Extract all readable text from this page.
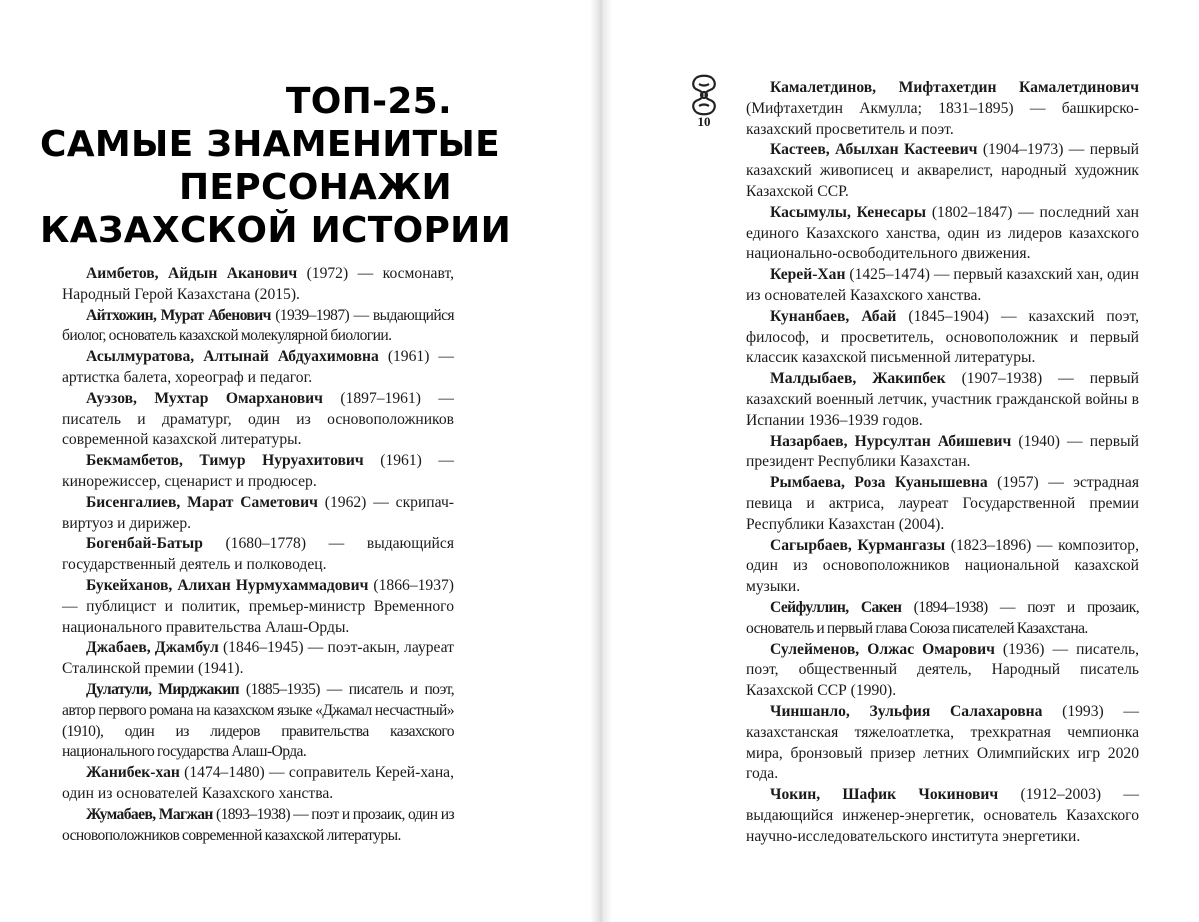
ТОП-25.
САМЫЕ ЗНАМЕНИТЫЕ
ПЕРСОНАЖИ
КАЗАХСКОЙ ИСТОРИИ

Аимбетов, Айдын Аканович (1972) — космонавт, Народный Герой Казахстана (2015).

Айтхожин, Мурат Абенович (1939–1987) — выдающийся биолог, основатель казахской молекулярной биологии.

Асылмуратова, Алтынай Абдуахимовна (1961) — артистка балета, хореограф и педагог.

Ауэзов, Мухтар Омарханович (1897–1961) — писатель и драматург, один из основоположников современной казахской литературы.

Бекмамбетов, Тимур Нуруахитович (1961) — кинорежиссер, сценарист и продюсер.

Бисенгалиев, Марат Саметович (1962) — скрипач-виртуоз и дирижер.

Богенбай-Батыр (1680–1778) — выдающийся государственный деятель и полководец.

Букейханов, Алихан Нурмухаммадович (1866–1937) — публицист и политик, премьер-министр Временного национального правительства Алаш-Орды.

Джабаев, Джамбул (1846–1945) — поэт-акын, лауреат Сталинской премии (1941).

Дулатули, Мирджакип (1885–1935) — писатель и поэт, автор первого романа на казахском языке «Джамал несчастный» (1910), один из лидеров правительства казахского национального государства Алаш-Орда.

Жанибек-хан (1474–1480) — соправитель Керей-хана, один из основателей Казахского ханства.

Жумабаев, Магжан (1893–1938) — поэт и прозаик, один из основоположников современной казахской литературы.

10

Камалетдинов, Мифтахетдин Камалетдинович (Мифтахетдин Акмулла; 1831–1895) — башкирско-казахский просветитель и поэт.

Кастеев, Абылхан Кастеевич (1904–1973) — первый казахский живописец и акварелист, народный художник Казахской ССР.

Касымулы, Кенесары (1802–1847) — последний хан единого Казахского ханства, один из лидеров казахского национально-освободительного движения.

Керей-Хан (1425–1474) — первый казахский хан, один из основателей Казахского ханства.

Кунанбаев, Абай (1845–1904) — казахский поэт, философ, и просветитель, основоположник и первый классик казахской письменной литературы.

Малдыбаев, Жакипбек (1907–1938) — первый казахский военный летчик, участник гражданской войны в Испании 1936–1939 годов.

Назарбаев, Нурсултан Абишевич (1940) — первый президент Республики Казахстан.

Рымбаева, Роза Куанышевна (1957) — эстрадная певица и актриса, лауреат Государственной премии Республики Казахстан (2004).

Сагырбаев, Курмангазы (1823–1896) — композитор, один из основоположников национальной казахской музыки.

Сейфуллин, Сакен (1894–1938) — поэт и прозаик, основатель и первый глава Союза писателей Казахстана.

Сулейменов, Олжас Омарович (1936) — писатель, поэт, общественный деятель, Народный писатель Казахской ССР (1990).

Чиншанло, Зульфия Салахаровна (1993) — казахстанская тяжелоатлетка, трехкратная чемпионка мира, бронзовый призер летних Олимпийских игр 2020 года.

Чокин, Шафик Чокинович (1912–2003) — выдающийся инженер-энергетик, основатель Казахского научно-исследовательского института энергетики.
